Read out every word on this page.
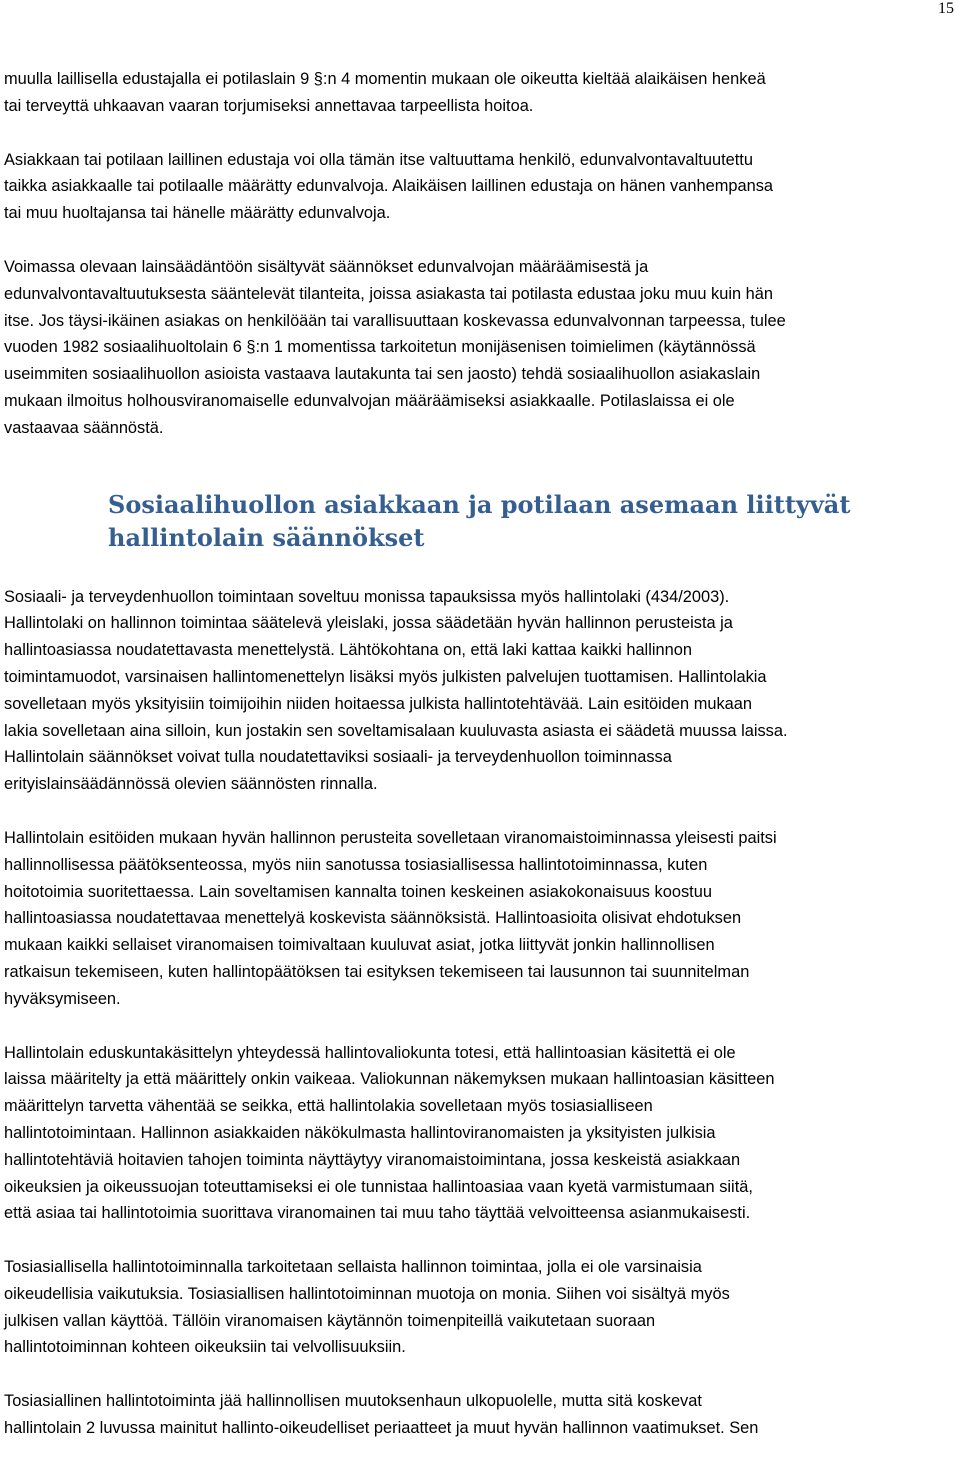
15

muulla laillisella edustajalla ei potilaslain 9 §:n 4 momentin mukaan ole oikeutta kieltää alaikäisen henkeä
tai terveyttä uhkaavan vaaran torjumiseksi annettavaa tarpeellista hoitoa.

Asiakkaan tai potilaan laillinen edustaja voi olla tämän itse valtuuttama henkilö, edunvalvontavaltuutettu
taikka asiakkaalle tai potilaalle määrätty edunvalvoja. Alaikäisen laillinen edustaja on hänen vanhempansa
tai muu huoltajansa tai hänelle määrätty edunvalvoja.

Voimassa olevaan lainsäädäntöön sisältyvät säännökset edunvalvojan määräämisestä ja
edunvalvontavaltuutuksesta sääntelevät tilanteita, joissa asiakasta tai potilasta edustaa joku muu kuin hän
itse. Jos täysi-ikäinen asiakas on henkilöään tai varallisuuttaan koskevassa edunvalvonnan tarpeessa, tulee
vuoden 1982 sosiaalihuoltolain 6 §:n 1 momentissa tarkoitetun monijäsenisen toimielimen (käytännössä
useimmiten sosiaalihuollon asioista vastaava lautakunta tai sen jaosto) tehdä sosiaalihuollon asiakaslain
mukaan ilmoitus holhousviranomaiselle edunvalvojan määräämiseksi asiakkaalle. Potilaslaissa ei ole
vastaavaa säännöstä.

Sosiaalihuollon asiakkaan ja potilaan asemaan liittyvät
hallintolain säännökset

Sosiaali- ja terveydenhuollon toimintaan soveltuu monissa tapauksissa myös hallintolaki (434/2003).
Hallintolaki on hallinnon toimintaa säätelevä yleislaki, jossa säädetään hyvän hallinnon perusteista ja
hallintoasiassa noudatettavasta menettelystä. Lähtökohtana on, että laki kattaa kaikki hallinnon
toimintamuodot, varsinaisen hallintomenettelyn lisäksi myös julkisten palvelujen tuottamisen. Hallintolakia
sovelletaan myös yksityisiin toimijoihin niiden hoitaessa julkista hallintotehtävää. Lain esitöiden mukaan
lakia sovelletaan aina silloin, kun jostakin sen soveltamisalaan kuuluvasta asiasta ei säädetä muussa laissa.
Hallintolain säännökset voivat tulla noudatettaviksi sosiaali- ja terveydenhuollon toiminnassa
erityislainsäädännössä olevien säännösten rinnalla.

Hallintolain esitöiden mukaan hyvän hallinnon perusteita sovelletaan viranomaistoiminnassa yleisesti paitsi
hallinnollisessa päätöksenteossa, myös niin sanotussa tosiasiallisessa hallintotoiminnassa, kuten
hoitotoimia suoritettaessa. Lain soveltamisen kannalta toinen keskeinen asiakokonaisuus koostuu
hallintoasiassa noudatettavaa menettelyä koskevista säännöksistä. Hallintoasioita olisivat ehdotuksen
mukaan kaikki sellaiset viranomaisen toimivaltaan kuuluvat asiat, jotka liittyvät jonkin hallinnollisen
ratkaisun tekemiseen, kuten hallintopäätöksen tai esityksen tekemiseen tai lausunnon tai suunnitelman
hyväksymiseen.

Hallintolain eduskuntakäsittelyn yhteydessä hallintovaliokunta totesi, että hallintoasian käsitettä ei ole
laissa määritelty ja että määrittely onkin vaikeaa. Valiokunnan näkemyksen mukaan hallintoasian käsitteen
määrittelyn tarvetta vähentää se seikka, että hallintolakia sovelletaan myös tosiasialliseen
hallintotoimintaan. Hallinnon asiakkaiden näkökulmasta hallintoviranomaisten ja yksityisten julkisia
hallintotehtäviä hoitavien tahojen toiminta näyttäytyy viranomaistoimintana, jossa keskeistä asiakkaan
oikeuksien ja oikeussuojan toteuttamiseksi ei ole tunnistaa hallintoasiaa vaan kyetä varmistumaan siitä,
että asiaa tai hallintotoimia suorittava viranomainen tai muu taho täyttää velvoitteensa asianmukaisesti.

Tosiasiallisella hallintotoiminnalla tarkoitetaan sellaista hallinnon toimintaa, jolla ei ole varsinaisia
oikeudellisia vaikutuksia. Tosiasiallisen hallintotoiminnan muotoja on monia. Siihen voi sisältyä myös
julkisen vallan käyttöä. Tällöin viranomaisen käytännön toimenpiteillä vaikutetaan suoraan
hallintotoiminnan kohteen oikeuksiin tai velvollisuuksiin.

Tosiasiallinen hallintotoiminta jää hallinnollisen muutoksenhaun ulkopuolelle, mutta sitä koskevat
hallintolain 2 luvussa mainitut hallinto-oikeudelliset periaatteet ja muut hyvän hallinnon vaatimukset. Sen
